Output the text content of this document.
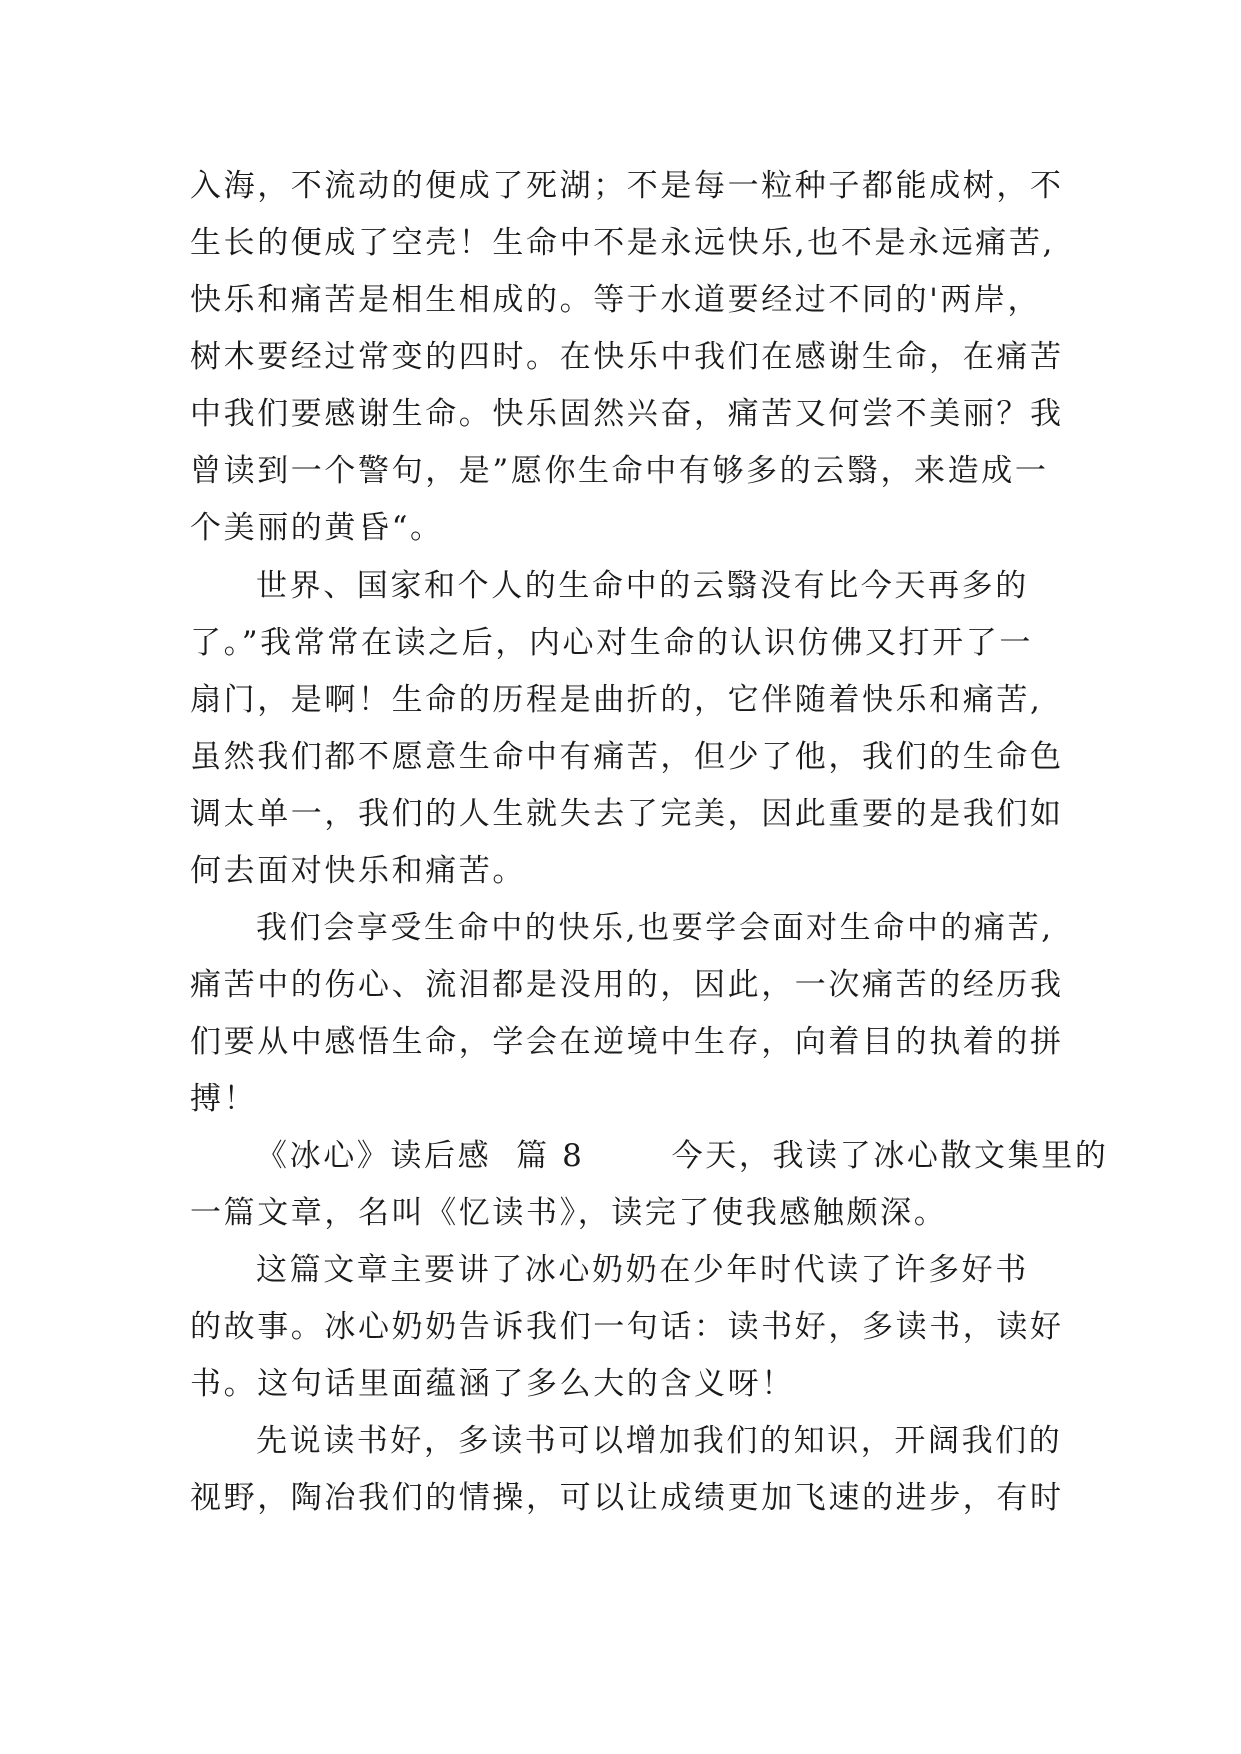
入海，不流动的便成了死湖；不是每一粒种子都能成树，不
生长的便成了空壳！生命中不是永远快乐,也不是永远痛苦,
快乐和痛苦是相生相成的。等于水道要经过不同的'两岸，
树木要经过常变的四时。在快乐中我们在感谢生命，在痛苦
中我们要感谢生命。快乐固然兴奋，痛苦又何尝不美丽？我
曾读到一个警句，是”愿你生命中有够多的云翳，来造成一
个美丽的黄昏“。
世界、国家和个人的生命中的云翳没有比今天再多的
了。”我常常在读之后，内心对生命的认识仿佛又打开了一
扇门，是啊！生命的历程是曲折的，它伴随着快乐和痛苦,
虽然我们都不愿意生命中有痛苦，但少了他，我们的生命色
调太单一，我们的人生就失去了完美，因此重要的是我们如
何去面对快乐和痛苦。
我们会享受生命中的快乐,也要学会面对生命中的痛苦,
痛苦中的伤心、流泪都是没用的，因此，一次痛苦的经历我
们要从中感悟生命，学会在逆境中生存，向着目的执着的拼
搏！
《冰心》读后感  篇 8       今天，我读了冰心散文集里的
一篇文章，名叫《忆读书》，读完了使我感触颇深。
这篇文章主要讲了冰心奶奶在少年时代读了许多好书
的故事。冰心奶奶告诉我们一句话：读书好，多读书，读好
书。这句话里面蕴涵了多么大的含义呀！
先说读书好，多读书可以增加我们的知识，开阔我们的
视野，陶冶我们的情操，可以让成绩更加飞速的进步，有时
